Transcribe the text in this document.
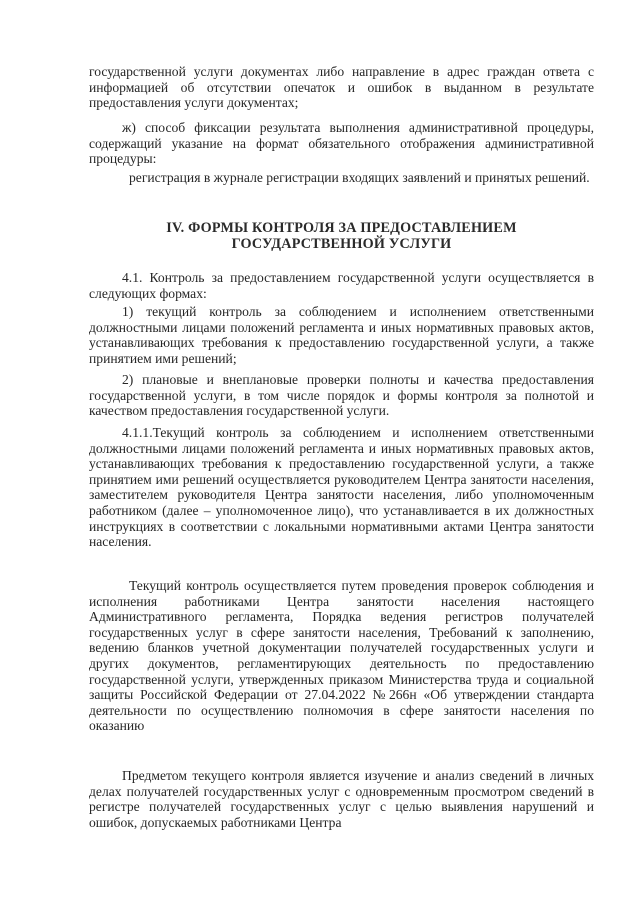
государственной услуги документах либо направление в адрес граждан ответа с информацией об отсутствии опечаток и ошибок в выданном в результате предоставления услуги документах;

ж) способ фиксации результата выполнения административной процедуры, содержащий указание на формат обязательного отображения административной процедуры:

регистрация в журнале регистрации входящих заявлений и принятых решений.

IV. ФОРМЫ КОНТРОЛЯ ЗА ПРЕДОСТАВЛЕНИЕМ
ГОСУДАРСТВЕННОЙ УСЛУГИ

4.1. Контроль за предоставлением государственной услуги осуществляется в следующих формах:

1) текущий контроль за соблюдением и исполнением ответственными должностными лицами положений регламента и иных нормативных правовых актов, устанавливающих требования к предоставлению государственной услуги, а также принятием ими решений;

2) плановые и внеплановые проверки полноты и качества предоставления государственной услуги, в том числе порядок и формы контроля за полнотой и качеством предоставления государственной услуги.

4.1.1.Текущий контроль за соблюдением и исполнением ответственными должностными лицами положений регламента и иных нормативных правовых актов, устанавливающих требования к предоставлению государственной услуги, а также принятием ими решений осуществляется руководителем Центра занятости населения, заместителем руководителя Центра занятости населения, либо уполномоченным работником (далее – уполномоченное лицо), что устанавливается в их должностных инструкциях в соответствии с локальными нормативными актами Центра занятости населения.

Текущий контроль осуществляется путем проведения проверок соблюдения и исполнения работниками Центра занятости населения настоящего Административного регламента, Порядка ведения регистров получателей государственных услуг в сфере занятости населения, Требований к заполнению, ведению бланков учетной документации получателей государственных услуги и других документов, регламентирующих деятельность по предоставлению государственной услуги, утвержденных приказом Министерства труда и социальной защиты Российской Федерации от 27.04.2022 №266н «Об утверждении стандарта деятельности по осуществлению полномочия в сфере занятости населения по оказанию

Предметом текущего контроля является изучение и анализ сведений в личных делах получателей государственных услуг с одновременным просмотром сведений в регистре получателей государственных услуг с целью выявления нарушений и ошибок, допускаемых работниками Центра
